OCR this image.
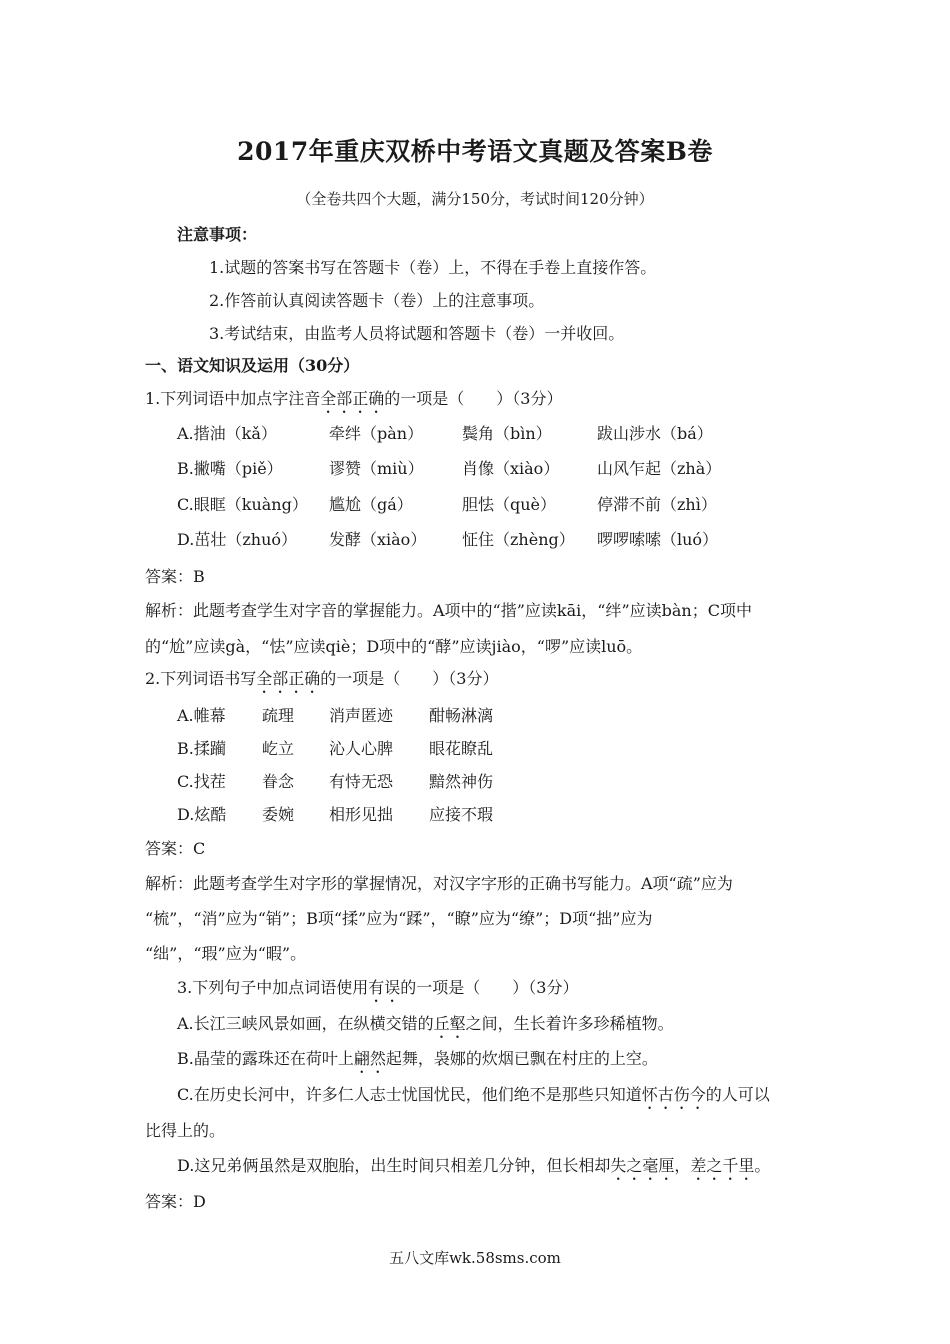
2017年重庆双桥中考语文真题及答案B卷
（全卷共四个大题，满分150分，考试时间120分钟）
注意事项：
1.试题的答案书写在答题卡（卷）上，不得在手卷上直接作答。
2.作答前认真阅读答题卡（卷）上的注意事项。
3.考试结束，由监考人员将试题和答题卡（卷）一并收回。
一、语文知识及运用（30分）
1.下列词语中加点字注音全部正确的一项是（　　）（3分）
A.揩油（kǎ）	牵绊（pàn） 鬓角（bìn）	跋山涉水（bá）
B.撇嘴（piě）	谬赞（miù） 肖像（xiào） 山风乍起（zhà）
C.眼眶（kuàng） 尴尬（gá）	胆怯（què）	停滞不前（zhì）
D.茁壮（zhuó） 发酵（xiào） 怔住（zhèng） 啰啰嗦嗦（luó）
答案：B
解析：此题考查学生对字音的掌握能力。A项中的“揩”应读kāi，“绊”应读bàn；C项中
的“尬”应读gà，“怯”应读qiè；D项中的“酵”应读jiào，“啰”应读luō。
2.下列词语书写全部正确的一项是（　　）（3分）
A.帷幕 疏理 消声匿迹 酣畅淋漓
B.揉躏 屹立 沁人心脾 眼花瞭乱
C.找茬 眷念 有恃无恐 黯然神伤
D.炫酷 委婉 相形见拙 应接不瑕
答案：C
解析：此题考查学生对字形的掌握情况，对汉字字形的正确书写能力。A项“疏”应为
“梳”，“消”应为“销”；B项“揉”应为“蹂”，“瞭”应为“缭”；D项“拙”应为
“绌”，“瑕”应为“暇”。
3.下列句子中加点词语使用有误的一项是（　　）（3分）
A.长江三峡风景如画，在纵横交错的丘壑之间，生长着许多珍稀植物。
B.晶莹的露珠还在荷叶上翩然起舞，袅娜的炊烟已飘在村庄的上空。
C.在历史长河中，许多仁人志士忧国忧民，他们绝不是那些只知道怀古伤今的人可以
比得上的。
D.这兄弟俩虽然是双胞胎，出生时间只相差几分钟，但长相却失之毫厘，差之千里。
答案：D
五八文库wk.58sms.com
